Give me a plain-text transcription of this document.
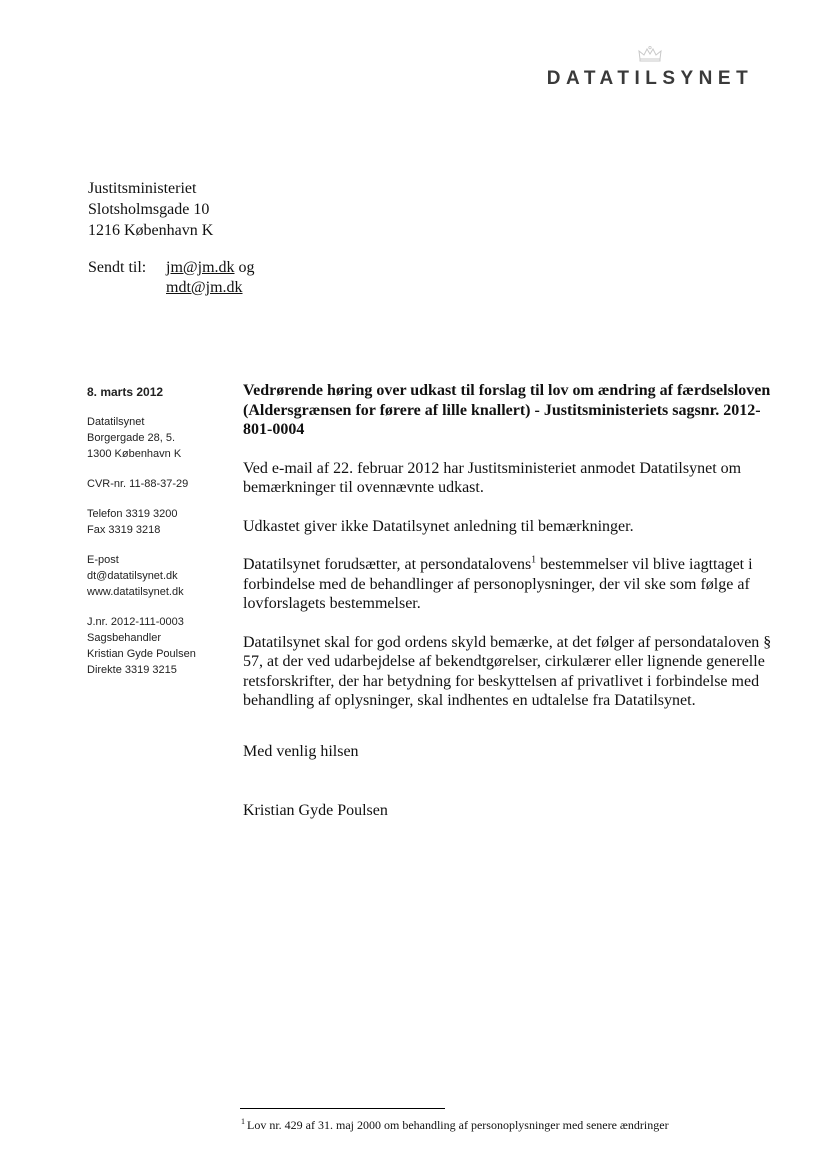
DATATILSYNET
Justitsministeriet
Slotsholmsgade 10
1216 København K
Sendt til: jm@jm.dk og
mdt@jm.dk
8. marts 2012
Datatilsynet
Borgergade 28, 5.
1300 København K
CVR-nr. 11-88-37-29
Telefon 3319 3200
Fax 3319 3218
E-post
dt@datatilsynet.dk
www.datatilsynet.dk
J.nr. 2012-111-0003
Sagsbehandler
Kristian Gyde Poulsen
Direkte 3319 3215

Vedrørende høring over udkast til forslag til lov om ændring af færdselsloven (Aldersgrænsen for førere af lille knallert) - Justitsministeriets sagsnr. 2012-801-0004

Ved e-mail af 22. februar 2012 har Justitsministeriet anmodet Datatilsynet om bemærkninger til ovennævnte udkast.

Udkastet giver ikke Datatilsynet anledning til bemærkninger.

Datatilsynet forudsætter, at persondatalovens$^1$ bestemmelser vil blive iagttaget i forbindelse med de behandlinger af personoplysninger, der vil ske som følge af lovforslagets bestemmelser.

Datatilsynet skal for god ordens skyld bemærke, at det følger af persondataloven § 57, at der ved udarbejdelse af bekendtgørelser, cirkulærer eller lignende generelle retsforskrifter, der har betydning for beskyttelsen af privatlivet i forbindelse med behandling af oplysninger, skal indhentes en udtalelse fra Datatilsynet.

Med venlig hilsen

Kristian Gyde Poulsen

$^1$ Lov nr. 429 af 31. maj 2000 om behandling af personoplysninger med senere ændringer
